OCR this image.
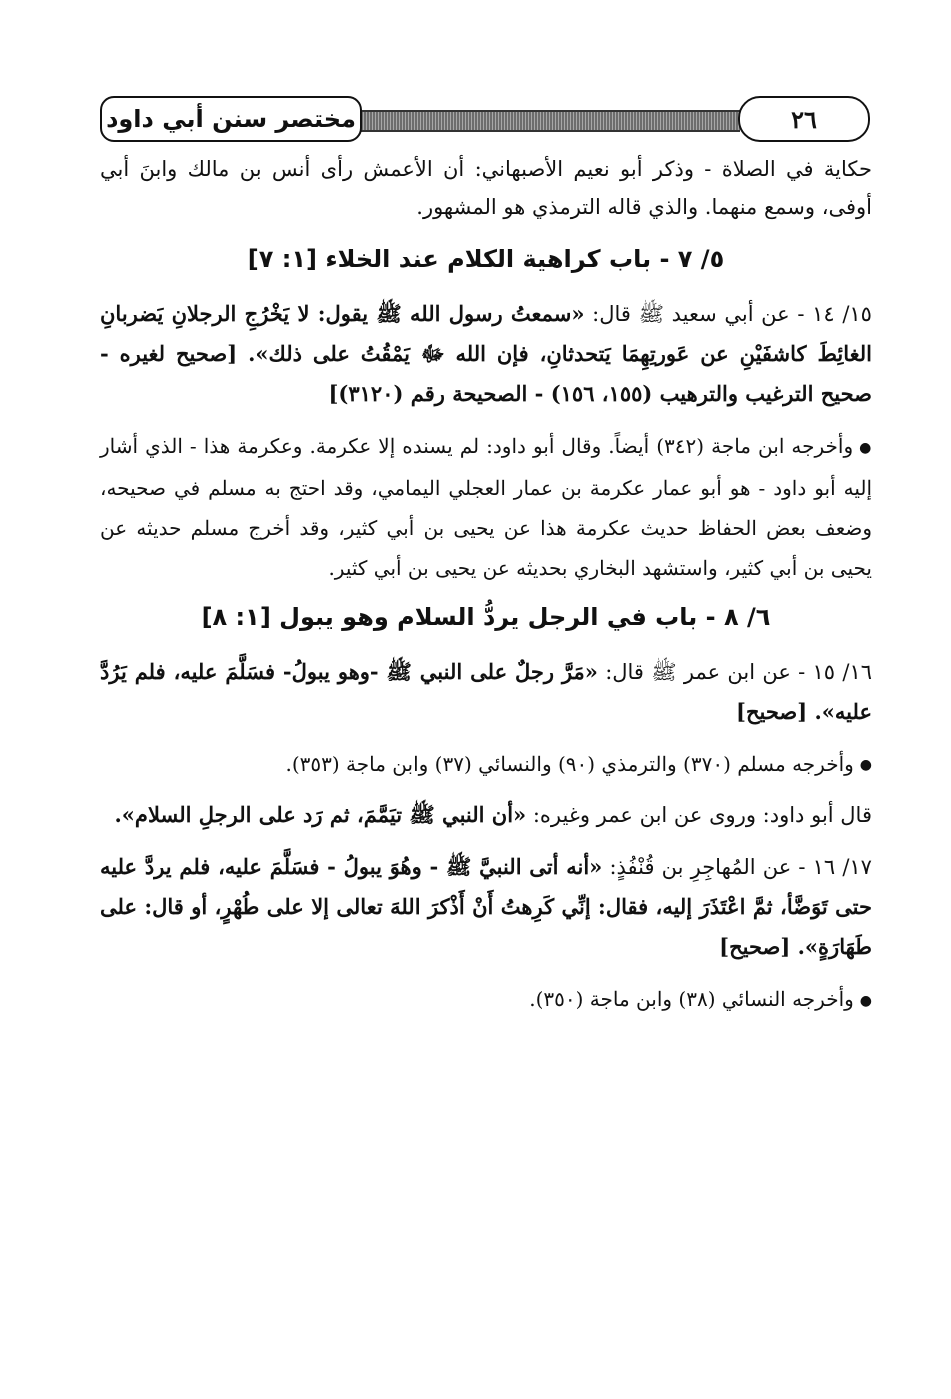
مختصر سنن أبي داود	٢٦

حكاية في الصلاة - وذكر أبو نعيم الأصبهاني: أن الأعمش رأى أنس بن مالك وابنَ أبي أوفى، وسمع منهما. والذي قاله الترمذي هو المشهور.

٥/ ٧ - باب كراهية الكلام عند الخلاء [١: ٧]

١٥/ ١٤ - عن أبي سعيد ﷺ قال: «سمعتُ رسول الله ﷺ يقول: لا يَخْرُجِ الرجلانِ يَضربانِ الغائِطَ كاشفَيْنِ عن عَورتِهِمَا يَتحدثانِ، فإن الله ﷻ يَمْقُتُ على ذلك». [صحيح لغيره - صحيح الترغيب والترهيب (١٥٥، ١٥٦) - الصحيحة رقم (٣١٢٠)]

●وأخرجه ابن ماجة (٣٤٢) أيضاً. وقال أبو داود: لم يسنده إلا عكرمة. وعكرمة هذا - الذي أشار إليه أبو داود - هو أبو عمار عكرمة بن عمار العجلي اليمامي، وقد احتج به مسلم في صحيحه، وضعف بعض الحفاظ حديث عكرمة هذا عن يحيى بن أبي كثير، وقد أخرج مسلم حديثه عن يحيى بن أبي كثير، واستشهد البخاري بحديثه عن يحيى بن أبي كثير.

٦/ ٨ - باب في الرجل يردُّ السلام وهو يبول [١: ٨]

١٦/ ١٥ - عن ابن عمر ﷺ قال: «مَرَّ رجلٌ على النبي ﷺ -وهو يبولُ- فسَلَّمَ عليه، فلم يَرُدَّ عليه». [صحيح]

●وأخرجه مسلم (٣٧٠) والترمذي (٩٠) والنسائي (٣٧) وابن ماجة (٣٥٣).

قال أبو داود: وروى عن ابن عمر وغيره: «أن النبي ﷺ تيَمَّمَ، ثم رَد على الرجلِ السلام».

١٧/ ١٦ - عن المُهاجِرِ بن قُنْفُذٍ: «أنه أتى النبيَّ ﷺ - وهُوَ يبولُ - فسَلَّمَ عليه، فلم يردَّ عليه حتى تَوَضَّأ، ثمَّ اعْتَذَرَ إليه، فقال: إنِّي كَرِهتُ أَنْ أَذْكرَ اللهَ تعالى إلا على طُهْرٍ، أو قال: على طَهَارَةٍ». [صحيح]

●وأخرجه النسائي (٣٨) وابن ماجة (٣٥٠).
